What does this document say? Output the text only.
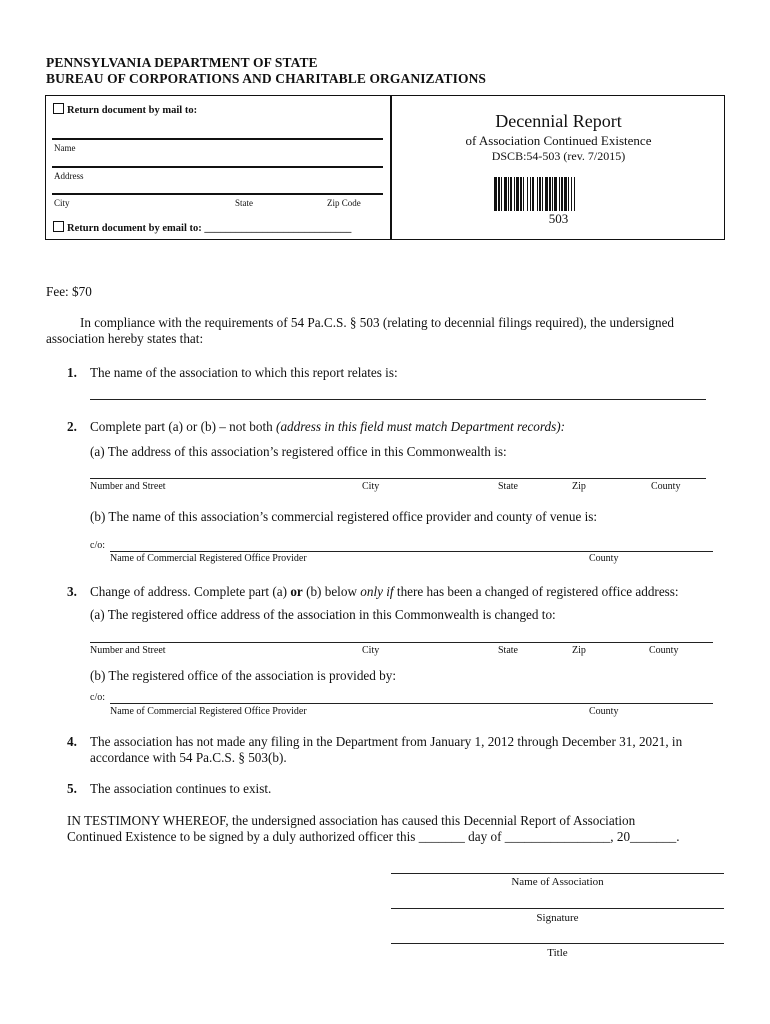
PENNSYLVANIA DEPARTMENT OF STATE
BUREAU OF CORPORATIONS AND CHARITABLE ORGANIZATIONS
Return document by mail to:
Name
Address
City	State	Zip Code
Return document by email to: ____________________________
Decennial Report
of Association Continued Existence
DSCB:54-503 (rev. 7/2015)
503
Fee: $70
In compliance with the requirements of 54 Pa.C.S. § 503 (relating to decennial filings required), the undersigned
association hereby states that:
1. The name of the association to which this report relates is:
2. Complete part (a) or (b) – not both (address in this field must match Department records):
(a) The address of this association’s registered office in this Commonwealth is:
Number and Street	City	State	Zip	County
(b) The name of this association’s commercial registered office provider and county of venue is:
c/o:
Name of Commercial Registered Office Provider	County
3. Change of address. Complete part (a) or (b) below only if there has been a changed of registered office address:
(a) The registered office address of the association in this Commonwealth is changed to:
Number and Street	City	State	Zip	County
(b) The registered office of the association is provided by:
c/o:
Name of Commercial Registered Office Provider	County
4. The association has not made any filing in the Department from January 1, 2012 through December 31, 2021, in
accordance with 54 Pa.C.S. § 503(b).
5. The association continues to exist.
IN TESTIMONY WHEREOF, the undersigned association has caused this Decennial Report of Association
Continued Existence to be signed by a duly authorized officer this _______ day of ________________, 20_______.
Name of Association
Signature
Title
